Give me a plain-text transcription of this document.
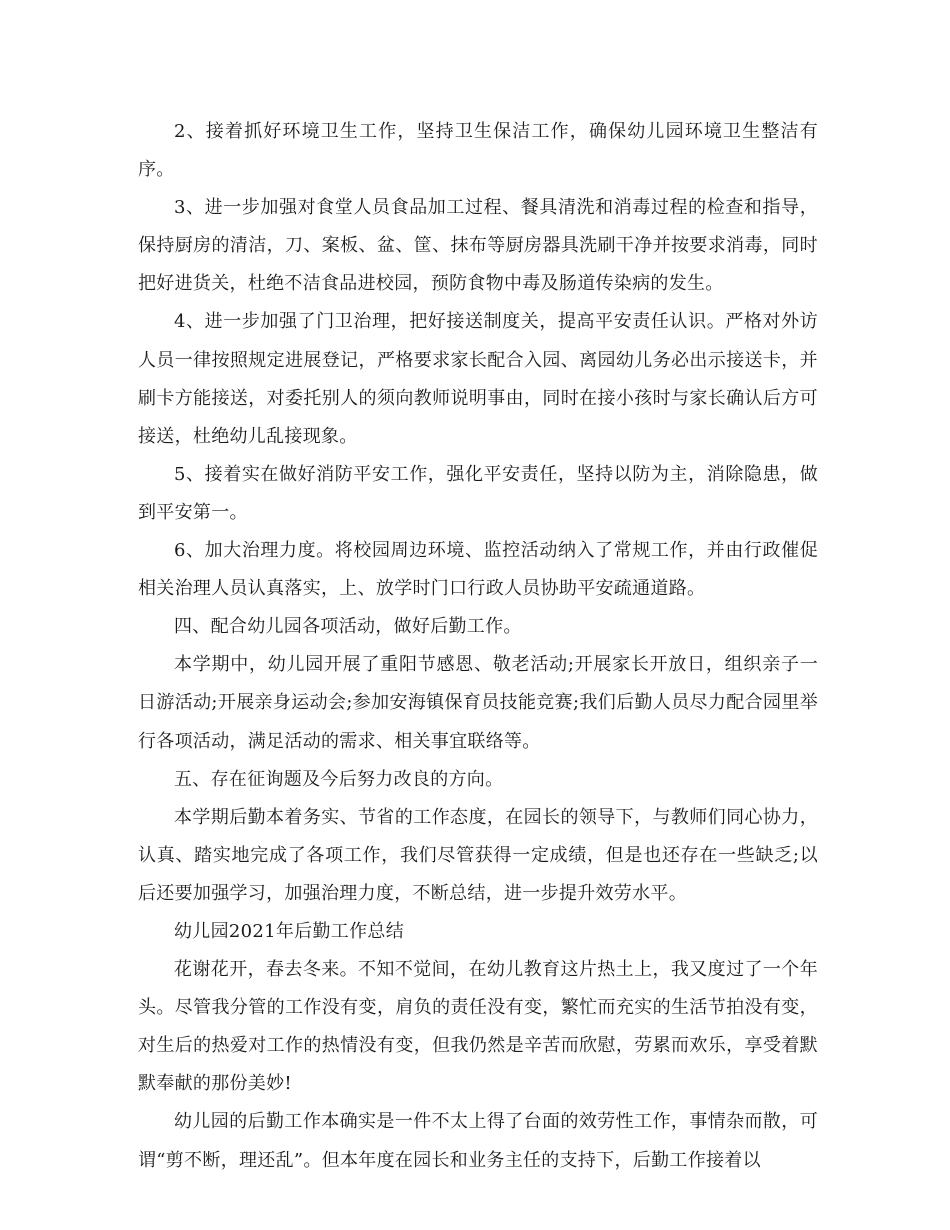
2、接着抓好环境卫生工作，坚持卫生保洁工作，确保幼儿园环境卫生整洁有序。

3、进一步加强对食堂人员食品加工过程、餐具清洗和消毒过程的检查和指导，保持厨房的清洁，刀、案板、盆、筐、抹布等厨房器具洗刷干净并按要求消毒，同时把好进货关，杜绝不洁食品进校园，预防食物中毒及肠道传染病的发生。

4、进一步加强了门卫治理，把好接送制度关，提高平安责任认识。严格对外访人员一律按照规定进展登记，严格要求家长配合入园、离园幼儿务必出示接送卡，并刷卡方能接送，对委托别人的须向教师说明事由，同时在接小孩时与家长确认后方可接送，杜绝幼儿乱接现象。

5、接着实在做好消防平安工作，强化平安责任，坚持以防为主，消除隐患，做到平安第一。

6、加大治理力度。将校园周边环境、监控活动纳入了常规工作，并由行政催促相关治理人员认真落实，上、放学时门口行政人员协助平安疏通道路。

四、配合幼儿园各项活动，做好后勤工作。

本学期中，幼儿园开展了重阳节感恩、敬老活动;开展家长开放日，组织亲子一日游活动;开展亲身运动会;参加安海镇保育员技能竞赛;我们后勤人员尽力配合园里举行各项活动，满足活动的需求、相关事宜联络等。

五、存在征询题及今后努力改良的方向。

本学期后勤本着务实、节省的工作态度，在园长的领导下，与教师们同心协力，认真、踏实地完成了各项工作，我们尽管获得一定成绩，但是也还存在一些缺乏;以后还要加强学习，加强治理力度，不断总结，进一步提升效劳水平。

幼儿园2021年后勤工作总结

花谢花开，春去冬来。不知不觉间，在幼儿教育这片热土上，我又度过了一个年头。尽管我分管的工作没有变，肩负的责任没有变，繁忙而充实的生活节拍没有变，对生后的热爱对工作的热情没有变，但我仍然是辛苦而欣慰，劳累而欢乐，享受着默默奉献的那份美妙!

幼儿园的后勤工作本确实是一件不太上得了台面的效劳性工作，事情杂而散，可谓“剪不断，理还乱”。但本年度在园长和业务主任的支持下，后勤工作接着以
